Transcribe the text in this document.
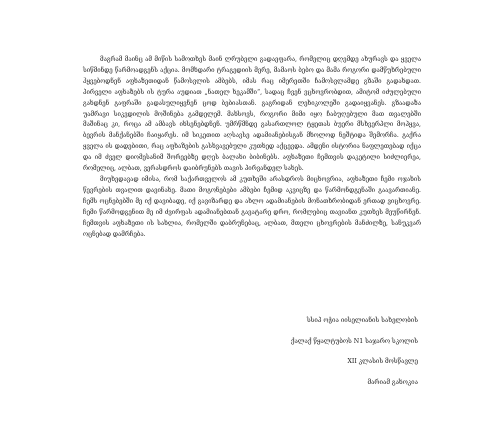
მაგრამ მაინც ამ მიწის სამოთხეს მაინ ლრუბელი გადაეფარა, რომელიც დღემდე ახურავს და ყველა სიწმინდე წარმოადგენს აქცია. მომხდარი ტრაგედიის მერე, მამაოს ბებო და მამა როგორი დამწუხრებული ჰყვებოდნენ აფხაზეთიდან წამოსვლის ამბებს, იმას რაც იმერეთში ჩამოსვლამდე გზაში გადახდათ. პირველი აფხაზებს ის ტურა აუდიათ „ნათელ ხეკამში“, სადაც ჩვენ ვცხოვრობდით, ამიტომ იძულებული გახდნენ გაფრაში გადასულიყვნენ ცოდ ბებიასთან. გაგრიდან ლეხიკოლეში გადაიყვანეს. გზაადაზა უამრავი სიკვდილის მოშინება გამდელემ. მახსოვს, როგორი მიმი იყო ჩაბუღებული მათ თვალებში მაშინაც კი, როცა ამ ამბავს იხსენებდნენ. უმრწმნდე გასართლოლ ტყეთას ბუერი მსხვერპლი მოპყვა, ბევრის მანქანებში ჩაიყარეს. იმ სიკეთით აღსავსე ადამიანებისგან მხოლოდ ნეშტიდა შემორჩა. გაქრა ყველა ის დადებითი, რაც აფხაზების გასხვავებული კუთხედ აქცევდა. ამდენი ისტორია ნაფლეთებად იქცა და იმ ძველ დიომესანიმ შორეებზე დღეს ბალახი ბიბინებს. აფხაზეთი ჩემთვის დაკეტილი სიძლიერეა, რომელიც, ალბათ, ვერასდროს დაიბრუნებს თავის პირვანდელ სახეს.

მიუხედავად იმისა, რომ საქართველოს ამ კუთხეში არასდროს მიცხოვრია, აფხაზეთი ჩემი ოჯახის წევრების თვალით დავინახე. მათი მოგონებები ამბები ჩემიდ აკვიცზე და წარმონდგენაში გაავართიანე. ჩემს ოცნებებში მე იქ დავიბადე, იქ გავიზარდე და ახლო ადამიანების მონათხრობიდან ერთად ვიცხოვრე. ჩემი წარმოდგენით მე იმ ძვირფას ადამიანებთან გავატარე დრო, რომლებიც თავიანთ კუთხეს მეუწირნენ. ჩემთვის აფხაზეთი ის სახლია, რომელში დაბრუნებაც, ალბათ, მთელი ცხოვრების მანძილზე, სანუკვარ ოცნებად დამრჩება.

სსიპ ოჭია იისელიანის სახელობის
ქალაქ წყალტუბოს N1 საჯარო სკოლის
XII კლასის მოსწავლე
მარიამ გახოკია
